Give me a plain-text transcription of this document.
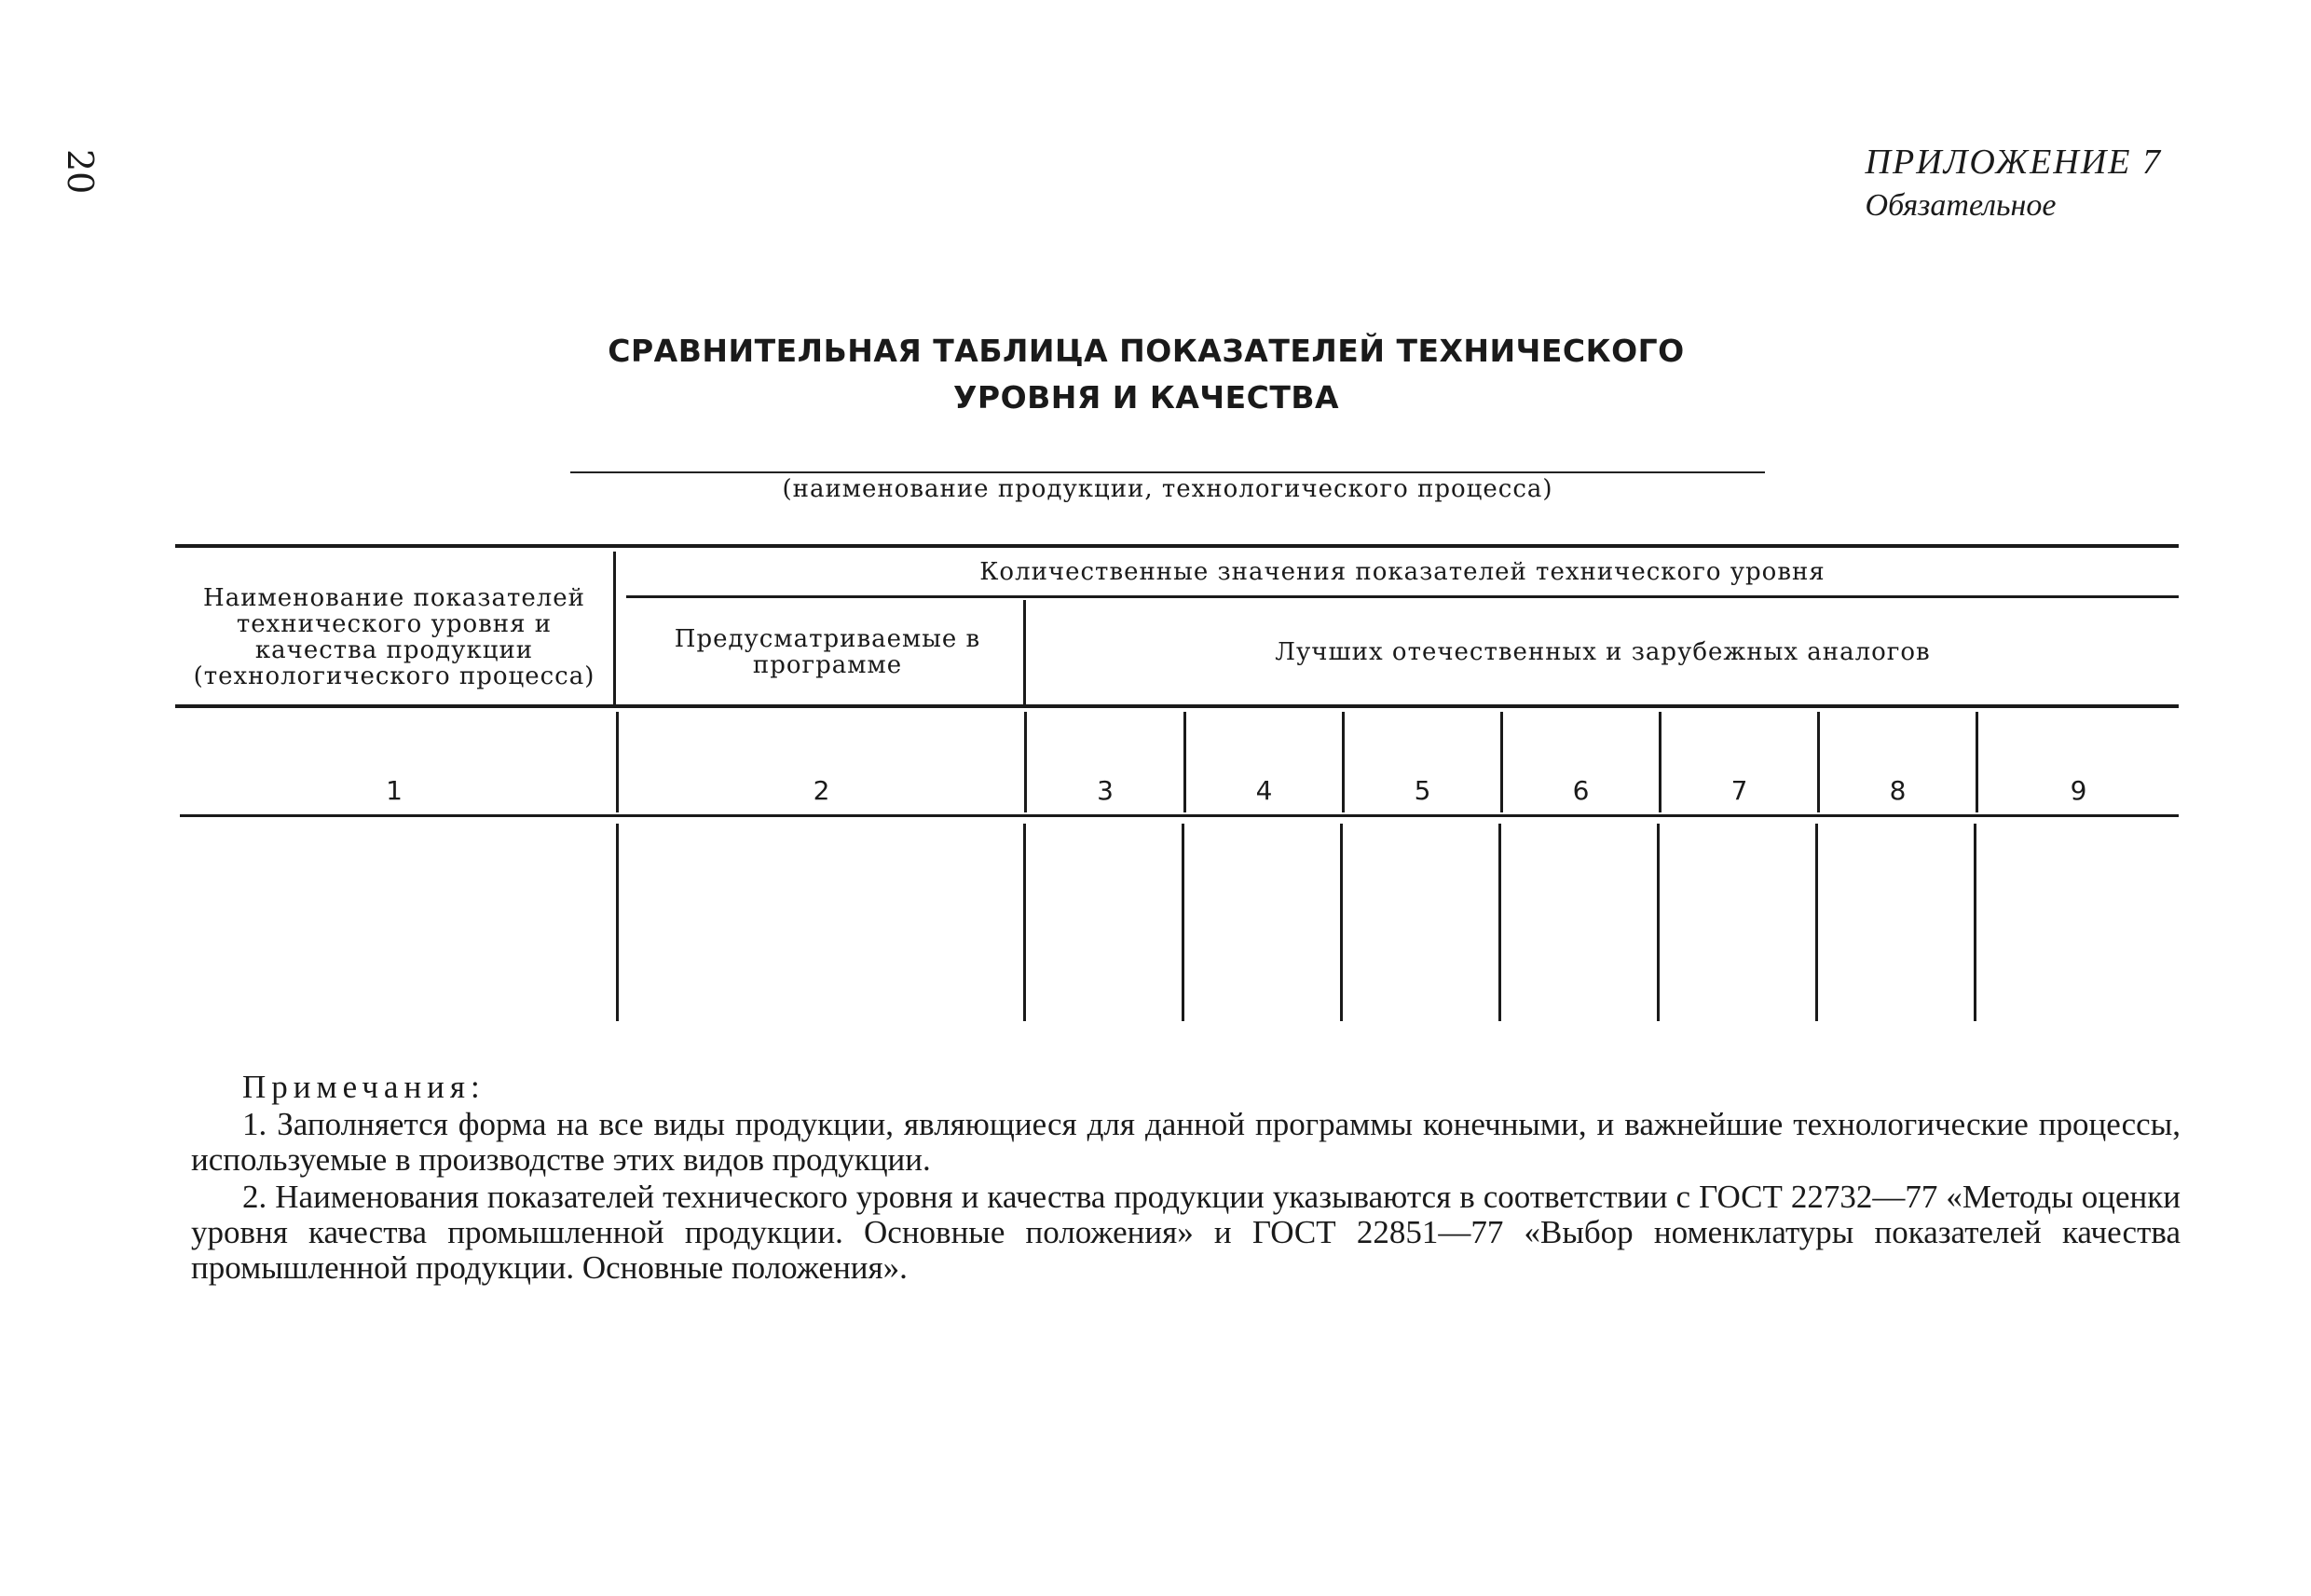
20	ПРИЛОЖЕНИЕ 7
Обязательное
СРАВНИТЕЛЬНАЯ ТАБЛИЦА ПОКАЗАТЕЛЕЙ ТЕХНИЧЕСКОГО
УРОВНЯ И КАЧЕСТВА
(наименование продукции, технологического процесса)
Наименование показателей технического уровня и качества продукции (технологического процесса)
Количественные значения показателей технического уровня
Предусматриваемые в программе	Лучших отечественных и зарубежных аналогов
1	2	3	4	5	6	7	8	9
Примечания:
1. Заполняется форма на все виды продукции, являющиеся для данной программы конечными, и важнейшие технологические процессы, используемые в производстве этих видов продукции.
2. Наименования показателей технического уровня и качества продукции указываются в соответствии с ГОСТ 22732—77 «Методы оценки уровня качества промышленной продукции. Основные положения» и ГОСТ 22851—77 «Выбор номенклатуры показателей качества промышленной продукции. Основные положения».
